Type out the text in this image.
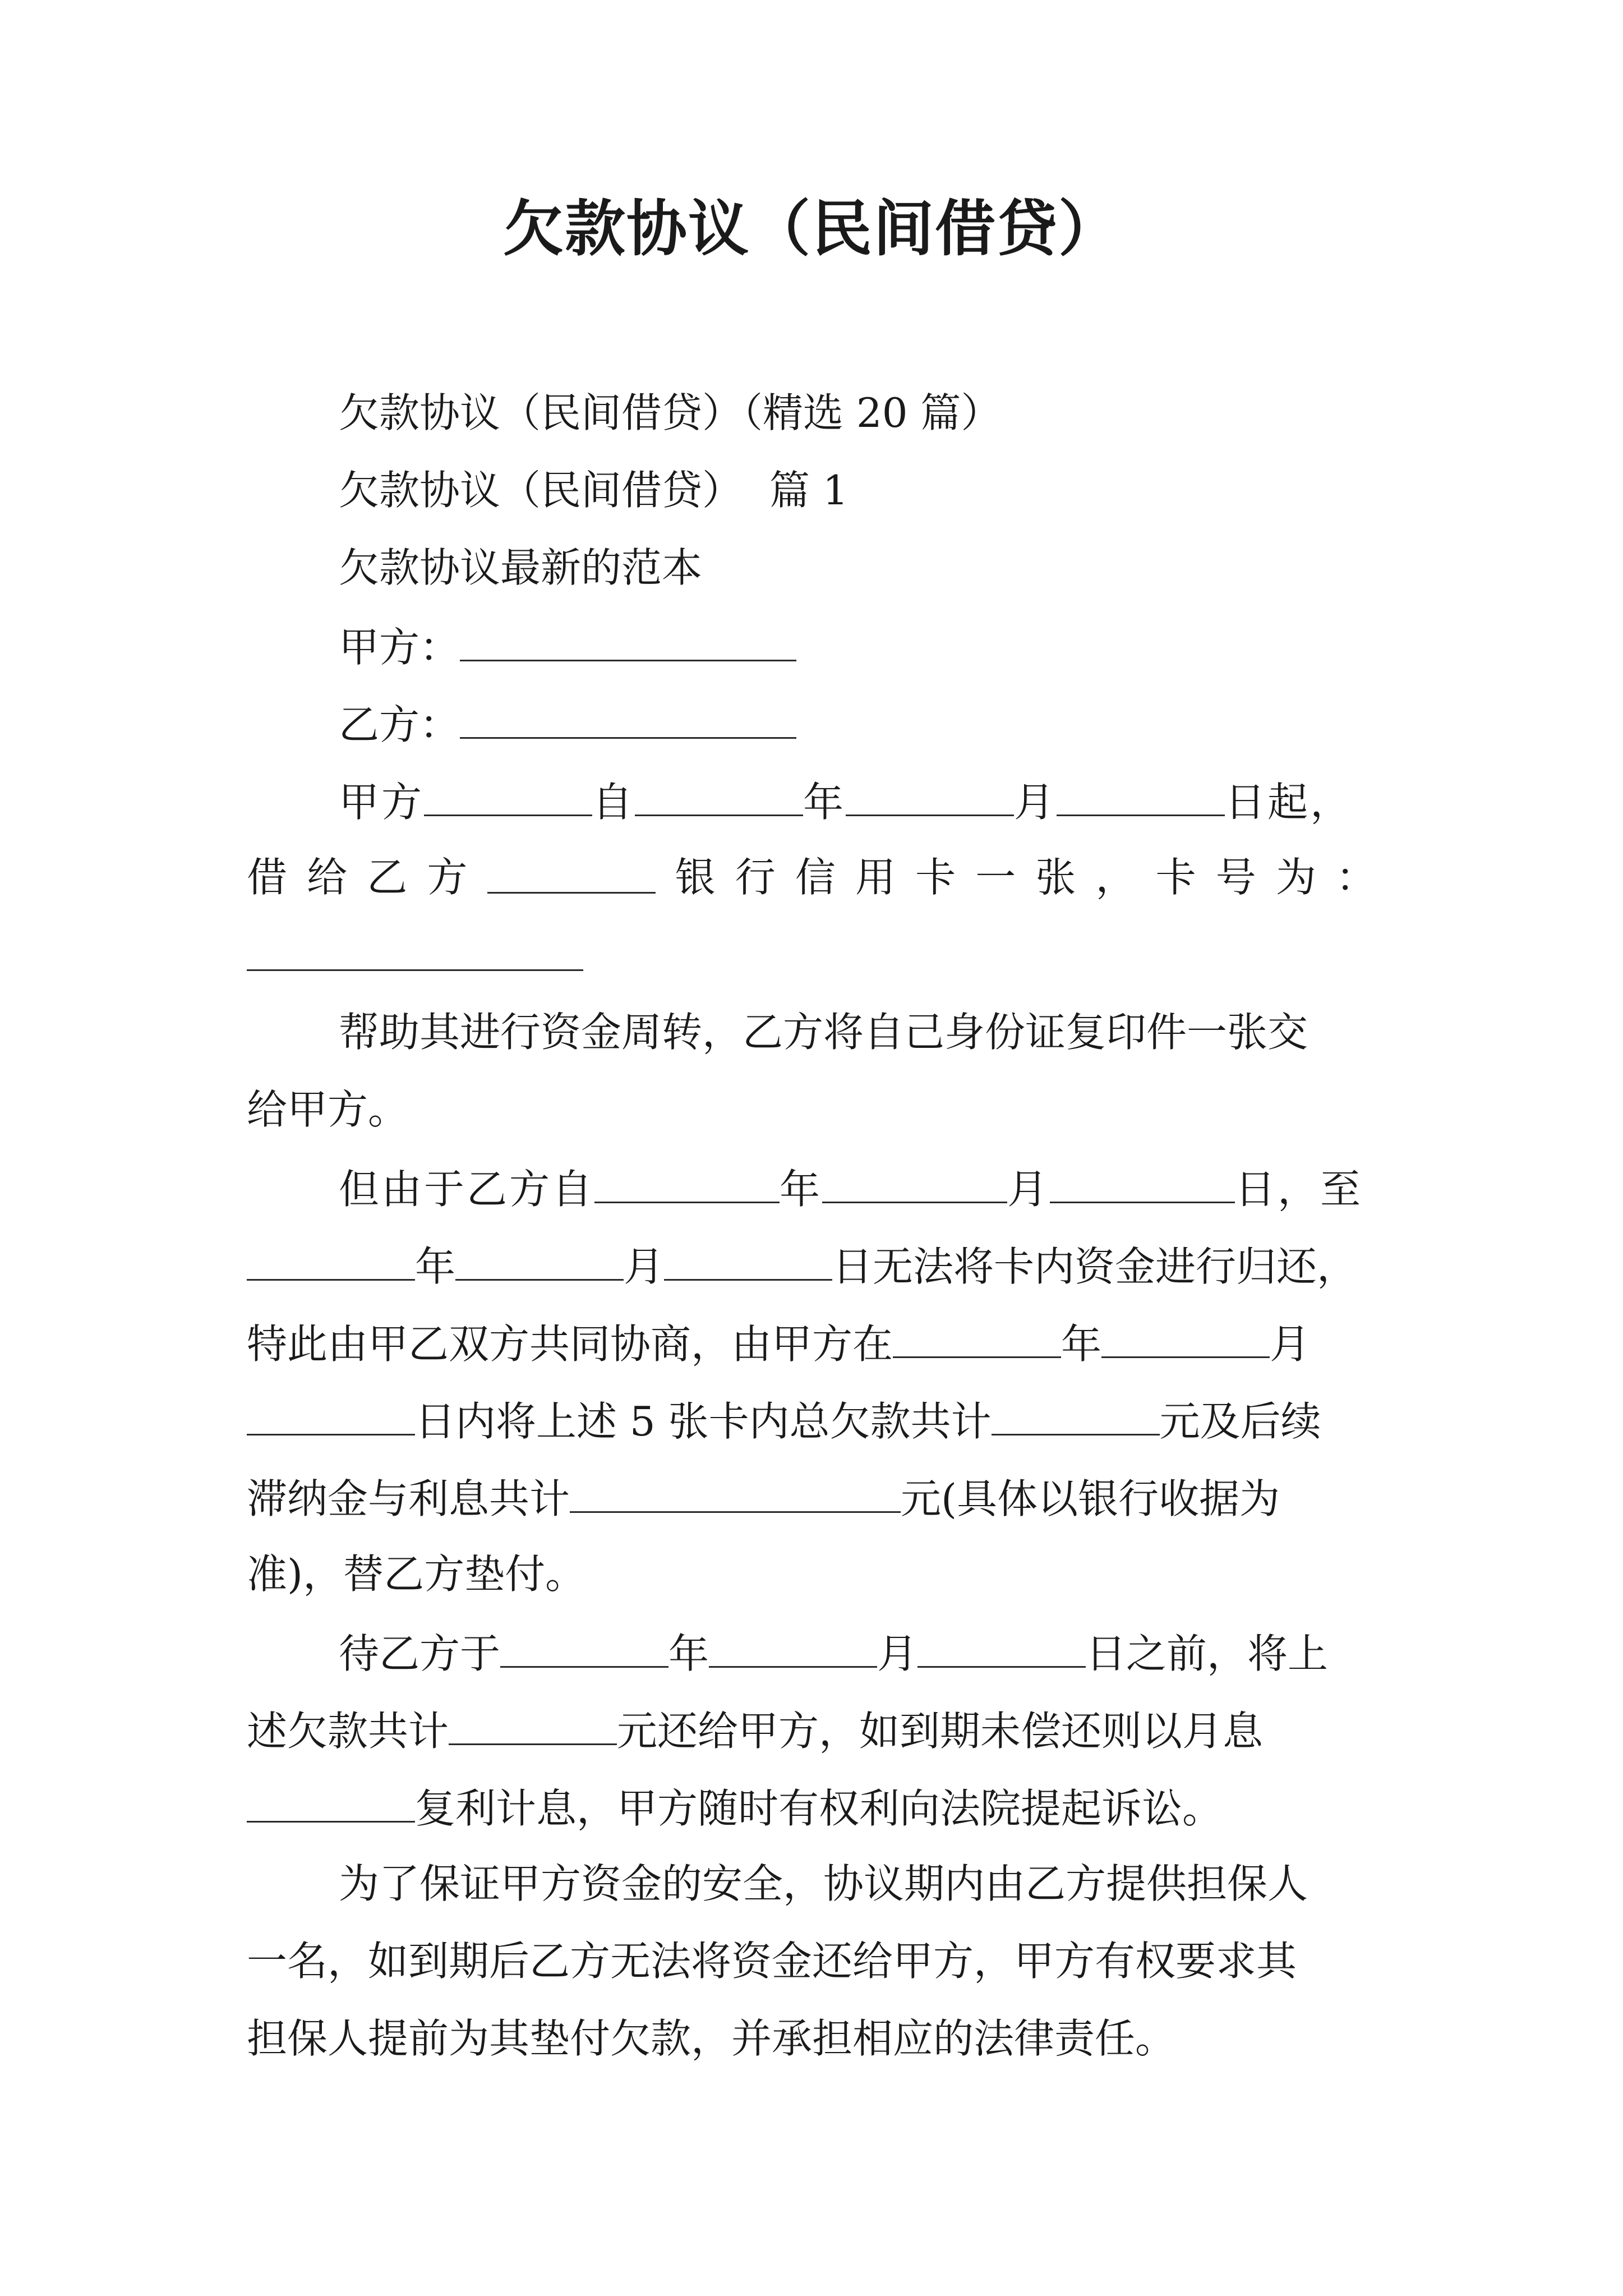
欠款协议（民间借贷）
欠款协议（民间借贷）（精选 20 篇）
欠款协议（民间借贷） 篇 1
欠款协议最新的范本
甲方：
乙方：
甲方	自	年	月	日起，
借 给 乙 方	银 行 信 用 卡 一 张 ， 卡 号 为 ：
帮助其进行资金周转，乙方将自己身份证复印件一张交
给甲方。
但由于乙方自	年	月	日，至
年	月	日无法将卡内资金进行归还，
特此由甲乙双方共同协商，由甲方在	年	月
日内将上述 5 张卡内总欠款共计	元及后续
滞纳金与利息共计	元(具体以银行收据为
准)，替乙方垫付。
待乙方于	年	月	日之前，将上
述欠款共计	元还给甲方，如到期未偿还则以月息
复利计息，甲方随时有权利向法院提起诉讼。
为了保证甲方资金的安全，协议期内由乙方提供担保人
一名，如到期后乙方无法将资金还给甲方，甲方有权要求其
担保人提前为其垫付欠款，并承担相应的法律责任。
